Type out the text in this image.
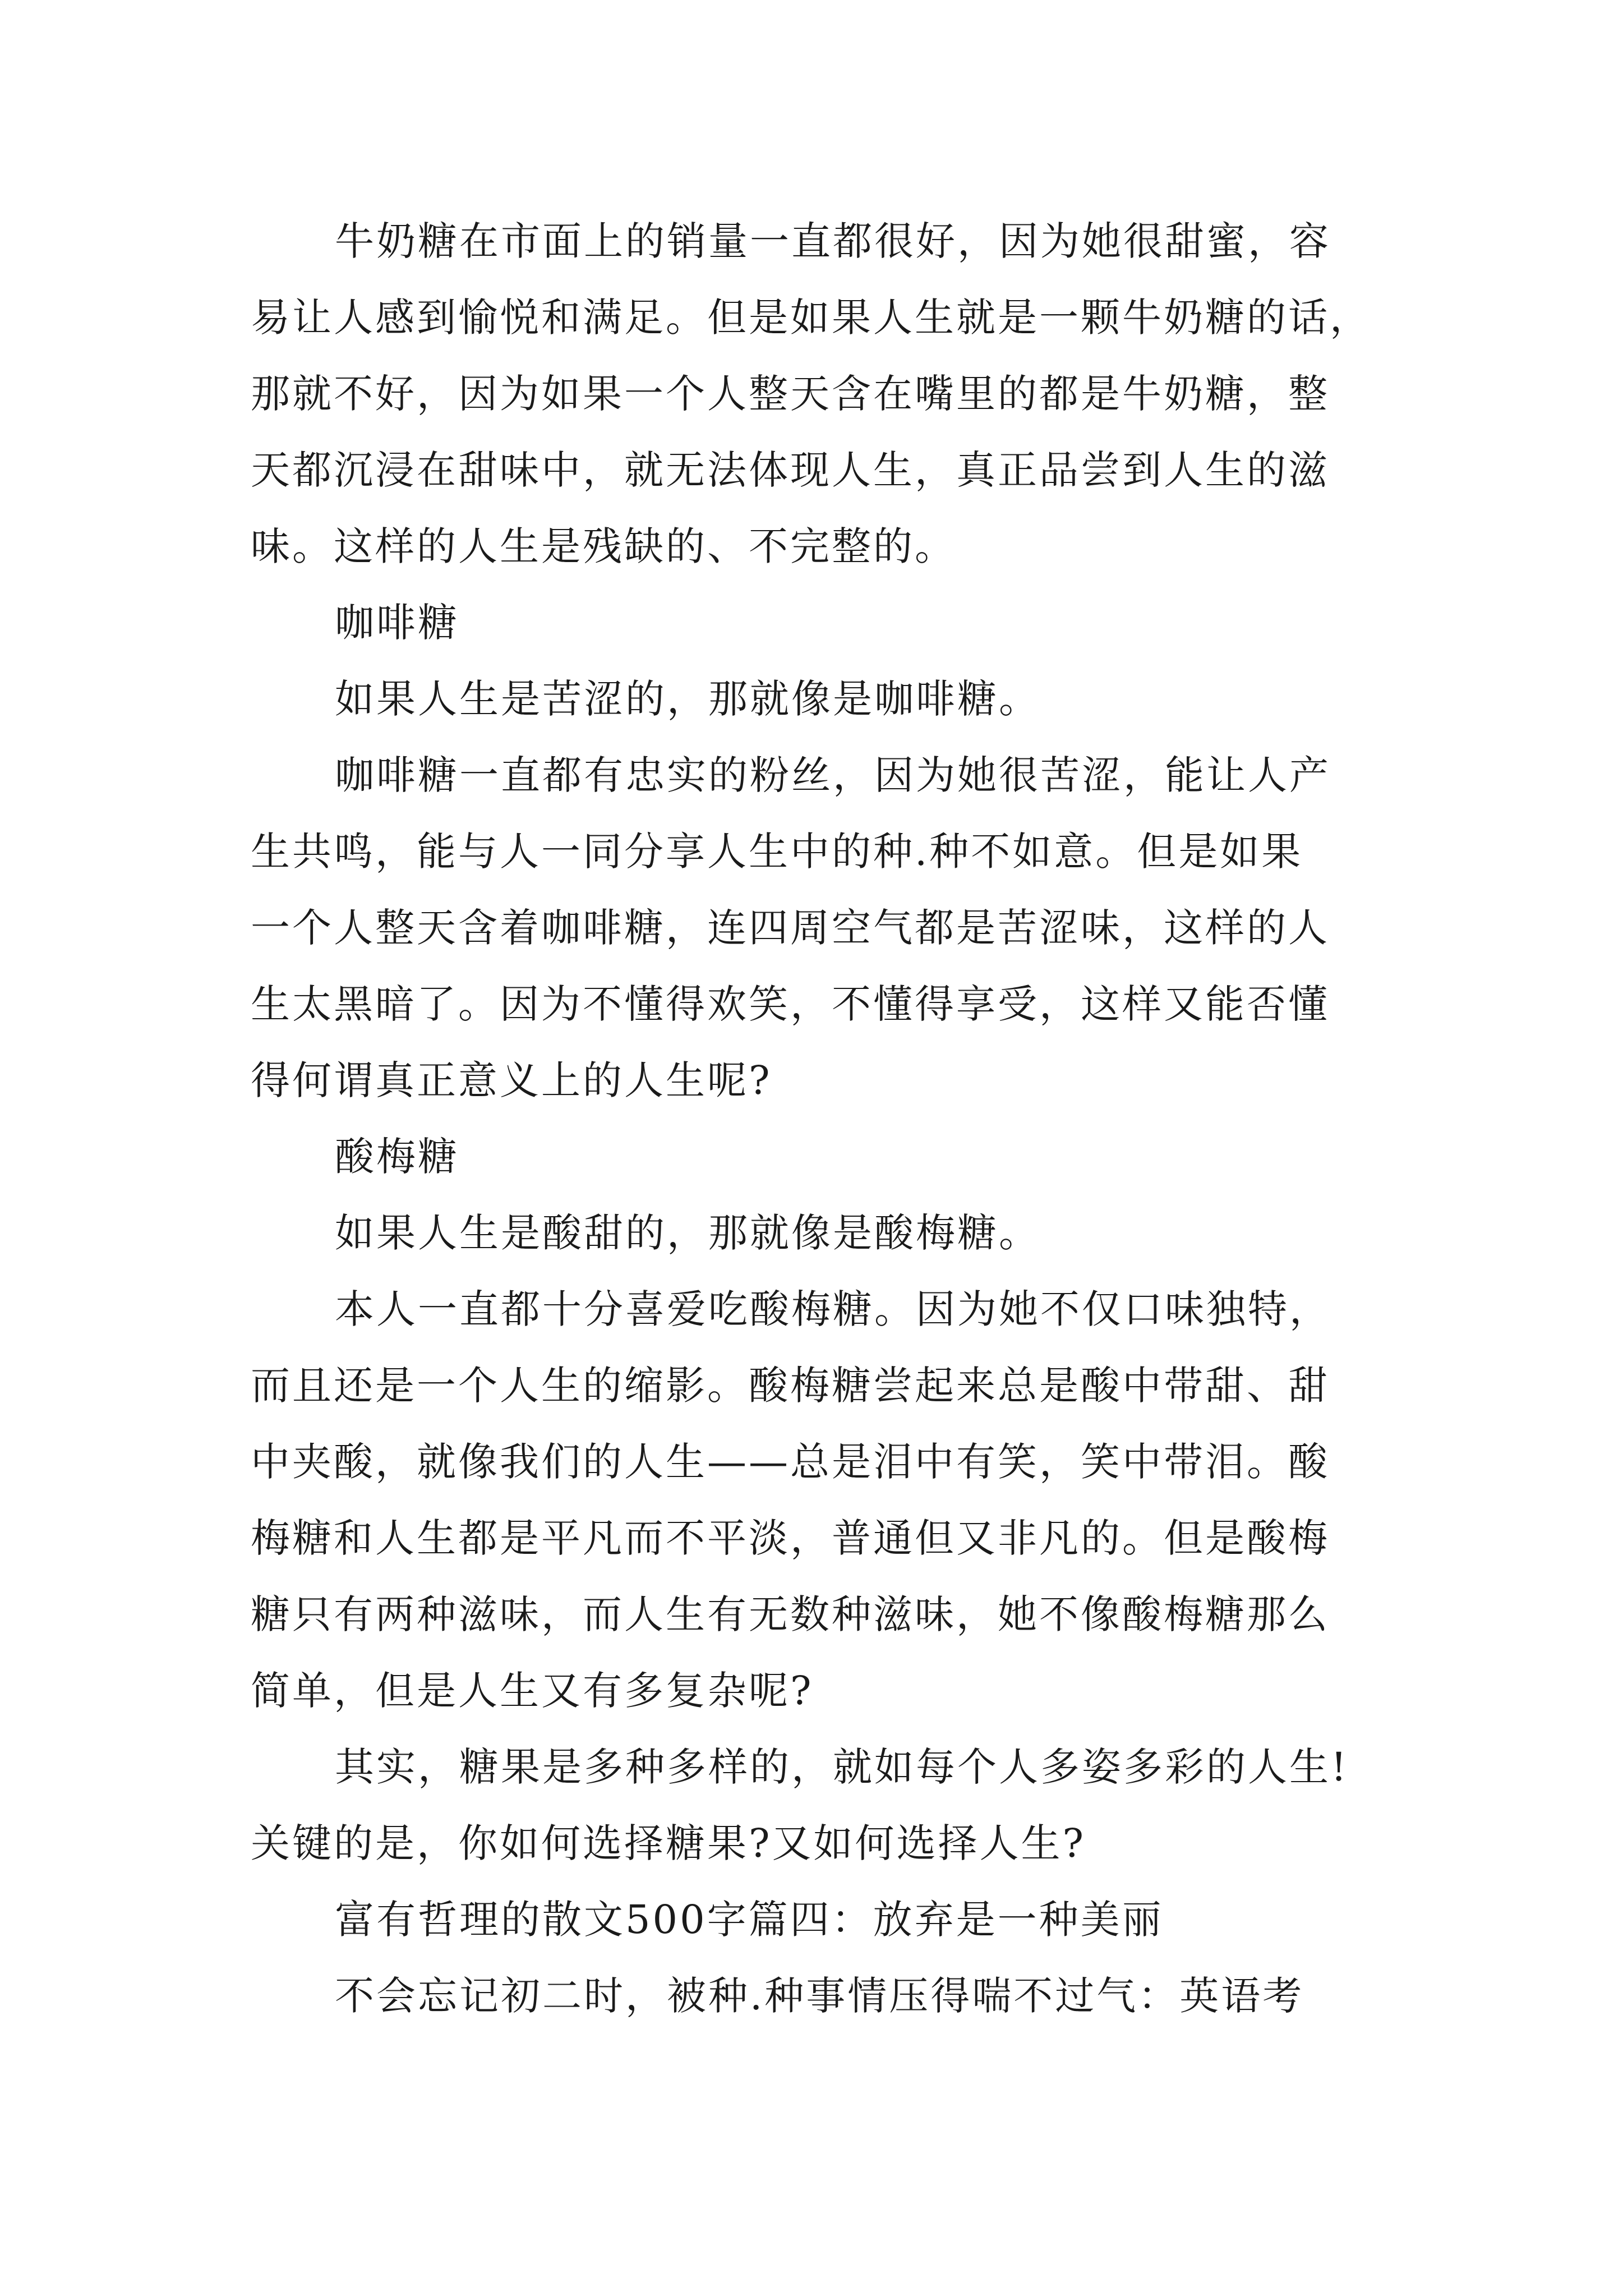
牛奶糖在市面上的销量一直都很好，因为她很甜蜜，容
易让人感到愉悦和满足。但是如果人生就是一颗牛奶糖的话，
那就不好，因为如果一个人整天含在嘴里的都是牛奶糖，整
天都沉浸在甜味中，就无法体现人生，真正品尝到人生的滋
味。这样的人生是残缺的、不完整的。
咖啡糖
如果人生是苦涩的，那就像是咖啡糖。
咖啡糖一直都有忠实的粉丝，因为她很苦涩，能让人产
生共鸣，能与人一同分享人生中的种.种不如意。但是如果
一个人整天含着咖啡糖，连四周空气都是苦涩味，这样的人
生太黑暗了。因为不懂得欢笑，不懂得享受，这样又能否懂
得何谓真正意义上的人生呢?
酸梅糖
如果人生是酸甜的，那就像是酸梅糖。
本人一直都十分喜爱吃酸梅糖。因为她不仅口味独特，
而且还是一个人生的缩影。酸梅糖尝起来总是酸中带甜、甜
中夹酸，就像我们的人生——总是泪中有笑，笑中带泪。酸
梅糖和人生都是平凡而不平淡，普通但又非凡的。但是酸梅
糖只有两种滋味，而人生有无数种滋味，她不像酸梅糖那么
简单，但是人生又有多复杂呢?
其实，糖果是多种多样的，就如每个人多姿多彩的人生!
关键的是，你如何选择糖果?又如何选择人生?
富有哲理的散文500字篇四：放弃是一种美丽
不会忘记初二时，被种.种事情压得喘不过气：英语考
